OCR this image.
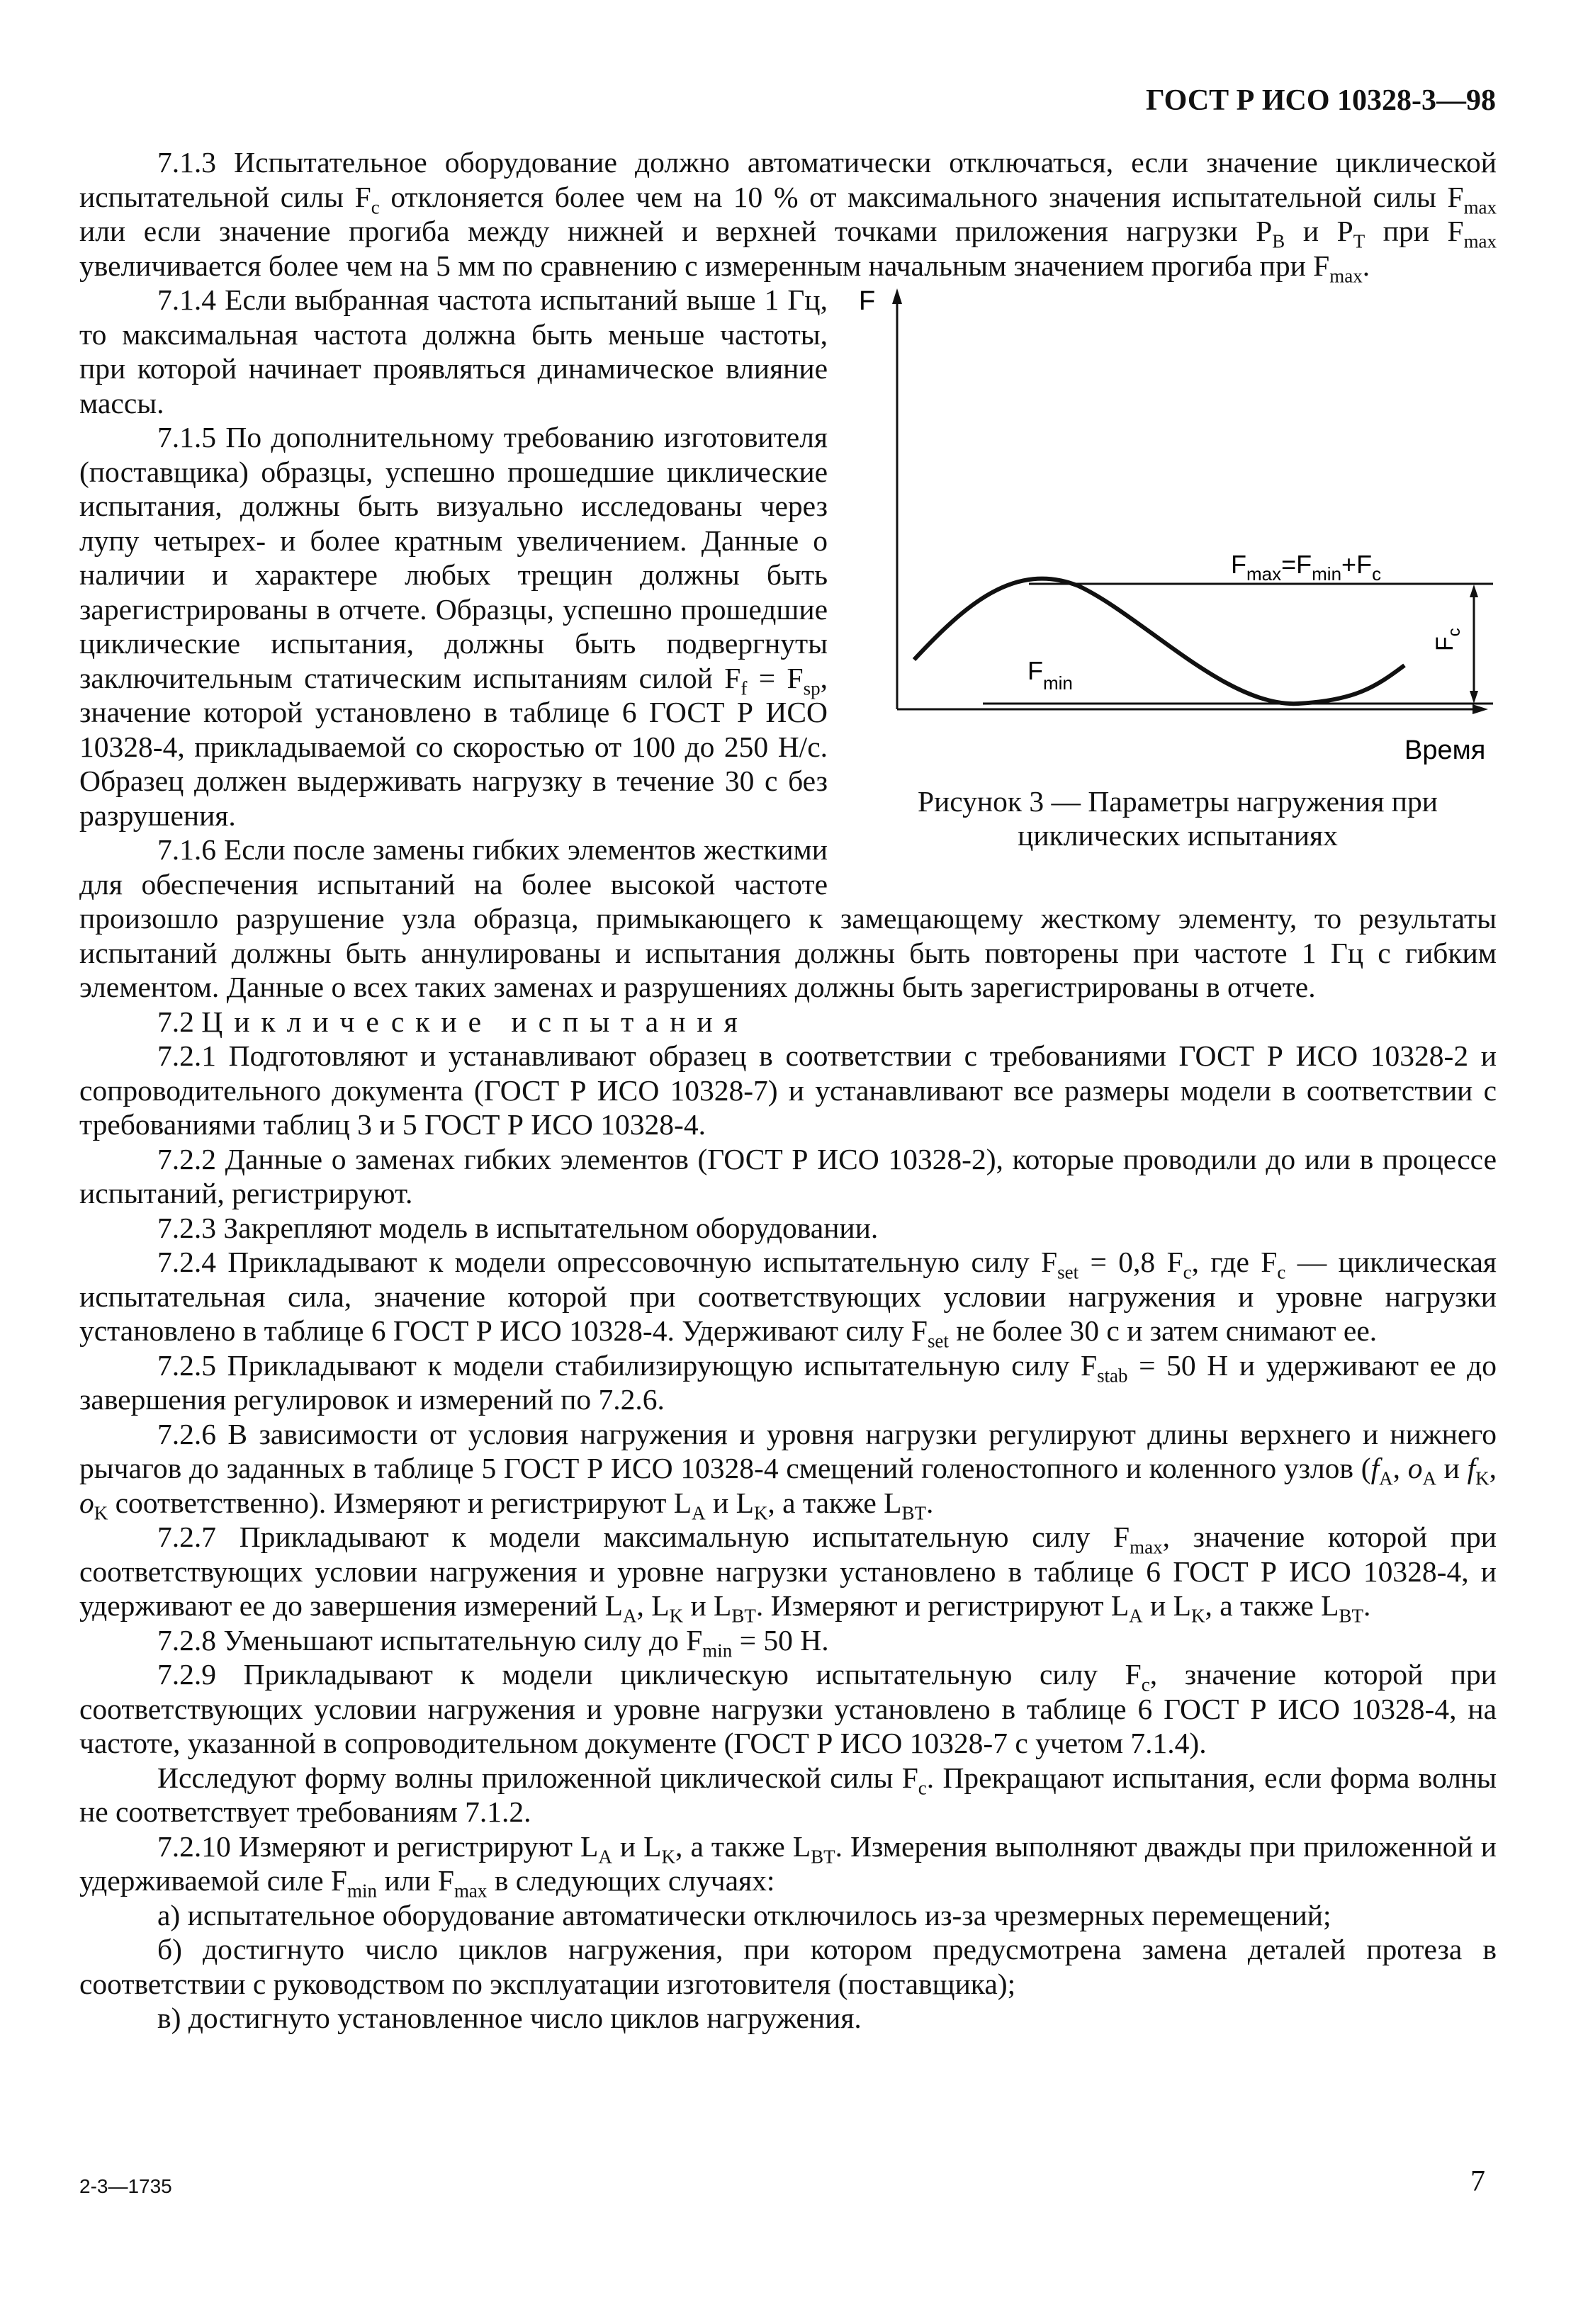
ГОСТ Р ИСО 10328-3—98

7.1.3 Испытательное оборудование должно автоматически отключаться, если значение циклической испытательной силы $F_c$ отклоняется более чем на 10 % от максимального значения испытательной силы $F_{max}$ или если значение прогиба между нижней и верхней точками приложения нагрузки $P_B$ и $P_T$ при $F_{max}$ увеличивается более чем на 5 мм по сравнению с измеренным начальным значением прогиба при $F_{max}$.

F
Время
$F_{max}=F_{min}+F_c$
$F_{min}$
$F_c$
Рисунок 3 — Параметры нагружения при
циклических испытаниях

7.1.4 Если выбранная частота испытаний выше 1 Гц, то максимальная частота должна быть меньше частоты, при которой начинает проявляться динамическое влияние массы.

7.1.5 По дополнительному требованию изготовителя (поставщика) образцы, успешно прошедшие циклические испытания, должны быть визуально исследованы через лупу четырех- и более кратным увеличением. Данные о наличии и характере любых трещин должны быть зарегистрированы в отчете. Образцы, успешно прошедшие циклические испытания, должны быть подвергнуты заключительным статическим испытаниям силой $F_f = F_{sp}$, значение которой установлено в таблице 6 ГОСТ Р ИСО 10328-4, прикладываемой со скоростью от 100 до 250 Н/с. Образец должен выдерживать нагрузку в течение 30 с без разрушения.

7.1.6 Если после замены гибких элементов жесткими для обеспечения испытаний на более высокой частоте произошло разрушение узла образца, примыкающего к замещающему жесткому элементу, то результаты испытаний должны быть аннулированы и испытания должны быть повторены при частоте 1 Гц с гибким элементом. Данные о всех таких заменах и разрушениях должны быть зарегистрированы в отчете.

7.2 Циклические испытания

7.2.1 Подготовляют и устанавливают образец в соответствии с требованиями ГОСТ Р ИСО 10328-2 и сопроводительного документа (ГОСТ Р ИСО 10328-7) и устанавливают все размеры модели в соответствии с требованиями таблиц 3 и 5 ГОСТ Р ИСО 10328-4.

7.2.2 Данные о заменах гибких элементов (ГОСТ Р ИСО 10328-2), которые проводили до или в процессе испытаний, регистрируют.

7.2.3 Закрепляют модель в испытательном оборудовании.

7.2.4 Прикладывают к модели опрессовочную испытательную силу $F_{set} = 0,8$ $F_c$, где $F_c$ — циклическая испытательная сила, значение которой при соответствующих условии нагружения и уровне нагрузки установлено в таблице 6 ГОСТ Р ИСО 10328-4. Удерживают силу $F_{set}$ не более 30 с и затем снимают ее.

7.2.5 Прикладывают к модели стабилизирующую испытательную силу $F_{stab} = 50$ Н и удерживают ее до завершения регулировок и измерений по 7.2.6.

7.2.6 В зависимости от условия нагружения и уровня нагрузки регулируют длины верхнего и нижнего рычагов до заданных в таблице 5 ГОСТ Р ИСО 10328-4 смещений голеностопного и коленного узлов ($f_A$, $o_A$ и $f_K$, $o_K$ соответственно). Измеряют и регистрируют $L_A$ и $L_K$, а также $L_{BT}$.

7.2.7 Прикладывают к модели максимальную испытательную силу $F_{max}$, значение которой при соответствующих условии нагружения и уровне нагрузки установлено в таблице 6 ГОСТ Р ИСО 10328-4, и удерживают ее до завершения измерений $L_A$, $L_K$ и $L_{BT}$. Измеряют и регистрируют $L_A$ и $L_K$, а также $L_{BT}$.

7.2.8 Уменьшают испытательную силу до $F_{min} = 50$ Н.

7.2.9 Прикладывают к модели циклическую испытательную силу $F_c$, значение которой при соответствующих условии нагружения и уровне нагрузки установлено в таблице 6 ГОСТ Р ИСО 10328-4, на частоте, указанной в сопроводительном документе (ГОСТ Р ИСО 10328-7 с учетом 7.1.4).

Исследуют форму волны приложенной циклической силы $F_c$. Прекращают испытания, если форма волны не соответствует требованиям 7.1.2.

7.2.10 Измеряют и регистрируют $L_A$ и $L_K$, а также $L_{BT}$. Измерения выполняют дважды при приложенной и удерживаемой силе $F_{min}$ или $F_{max}$ в следующих случаях:

а) испытательное оборудование автоматически отключилось из-за чрезмерных перемещений;

б) достигнуто число циклов нагружения, при котором предусмотрена замена деталей протеза в соответствии с руководством по эксплуатации изготовителя (поставщика);

в) достигнуто установленное число циклов нагружения.

2-3—1735	7
